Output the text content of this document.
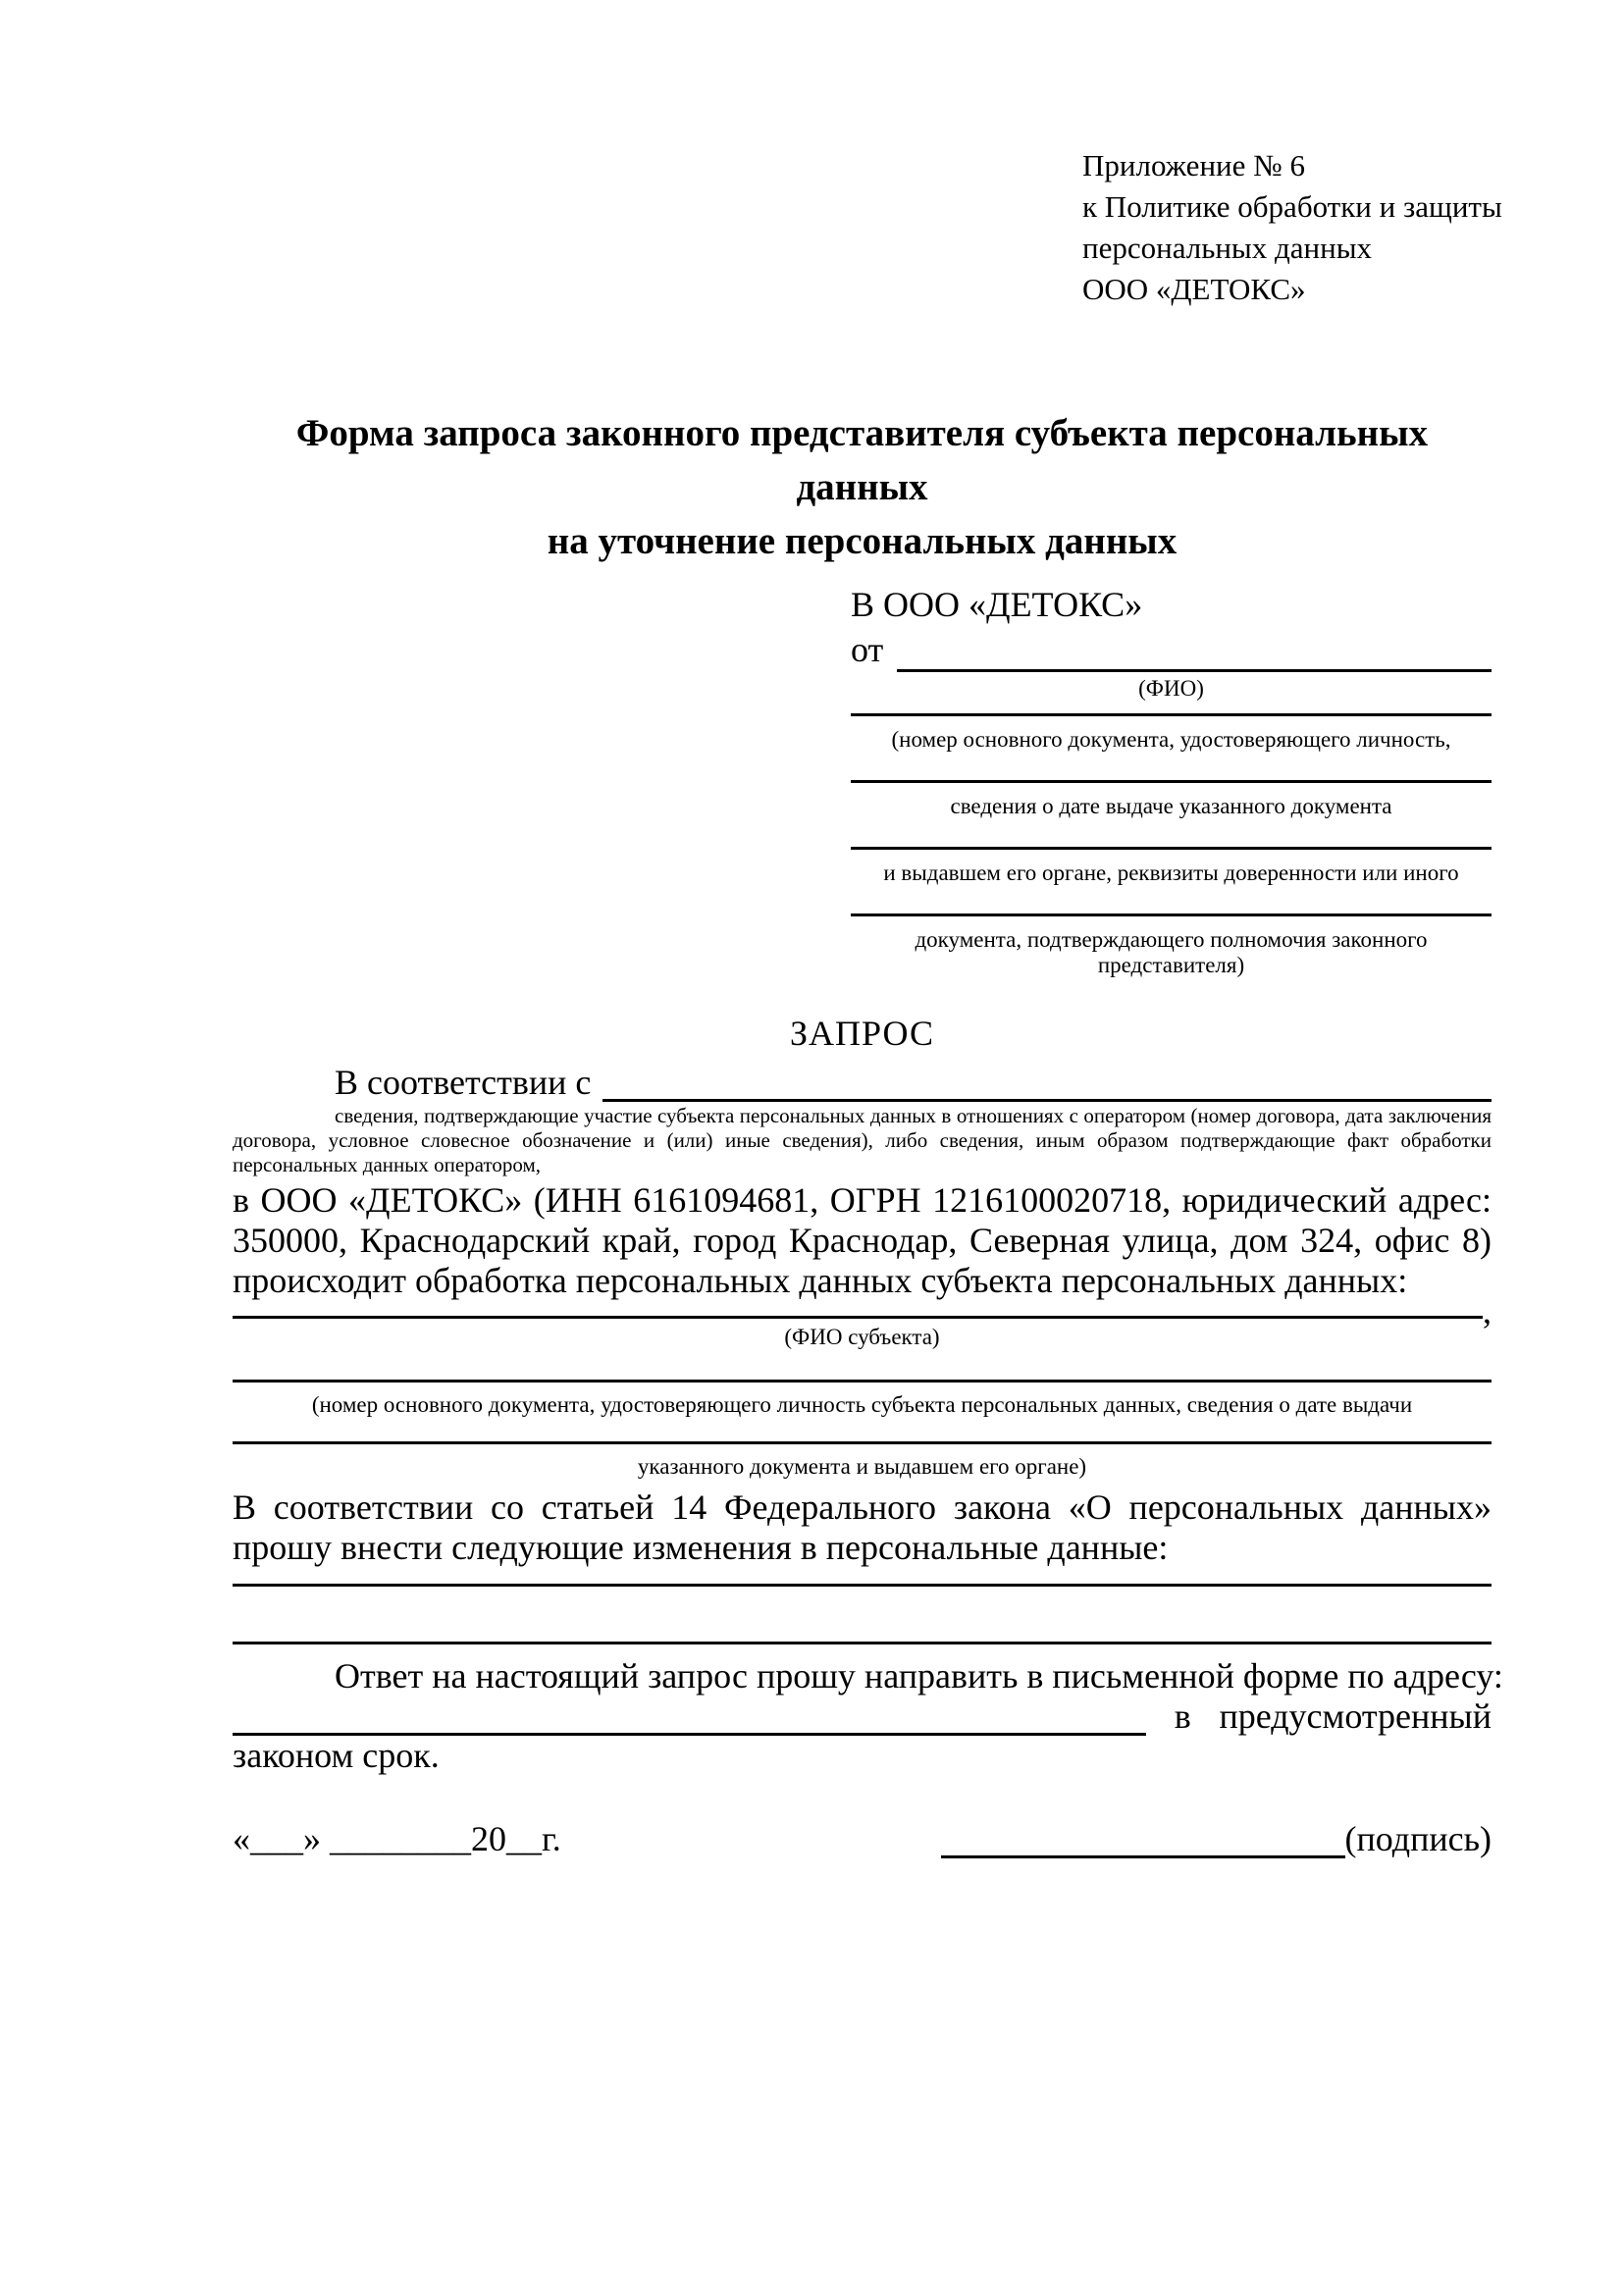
Приложение № 6
к Политике обработки и защиты
персональных данных
ООО «ДЕТОКС»
Форма запроса законного представителя субъекта персональных данных
на уточнение персональных данных
В ООО «ДЕТОКС»
от
(ФИО)
(номер основного документа, удостоверяющего личность,
сведения о дате выдаче указанного документа
и выдавшем его органе, реквизиты доверенности или иного
документа, подтверждающего полномочия законного представителя)
ЗАПРОС
В соответствии с
сведения, подтверждающие участие субъекта персональных данных в отношениях с оператором (номер договора, дата заключения договора, условное словесное обозначение и (или) иные сведения), либо сведения, иным образом подтверждающие факт обработки персональных данных оператором,
в ООО «ДЕТОКС» (ИНН 6161094681, ОГРН 1216100020718, юридический адрес: 350000, Краснодарский край, город Краснодар, Северная улица, дом 324, офис 8) происходит обработка персональных данных субъекта персональных данных:
,
(ФИО субъекта)
(номер основного документа, удостоверяющего личность субъекта персональных данных, сведения о дате выдачи
указанного документа и выдавшем его органе)
В соответствии со статьей 14 Федерального закона «О персональных данных» прошу внести следующие изменения в персональные данные:
Ответ на настоящий запрос прошу направить в письменной форме по адресу:
в предусмотренный
законом срок.
«___» ________20__г.	(подпись)
